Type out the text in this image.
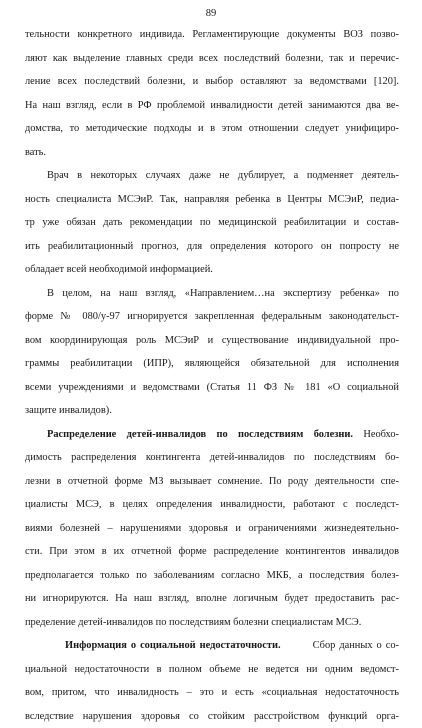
89
тельности конкретного индивида. Регламентирующие документы ВОЗ позво-
ляют как выделение главных среди всех последствий болезни, так и перечис-
ление всех последствий болезни, и выбор оставляют за ведомствами [120].
На наш взгляд, если в РФ проблемой инвалидности детей занимаются два ве-
домства, то методические подходы и в этом отношении следует унифициро-
вать.
Врач в некоторых случаях даже не дублирует, а подменяет деятель-
ность специалиста МСЭиР. Так, направляя ребенка в Центры МСЭиР, педиа-
тр уже обязан дать рекомендации по медицинской реабилитации и состав-
ить реабилитационный прогноз, для определения которого он попросту не
обладает всей необходимой информацией.
В целом, на наш взгляд, «Направлением…на экспертизу ребенка» по
форме № 080/у-97 игнорируется закрепленная федеральным законодательст-
вом координирующая роль МСЭиР и существование индивидуальной про-
граммы реабилитации (ИПР), являющейся обязательной для исполнения
всеми учреждениями и ведомствами (Статья 11 ФЗ № 181 «О социальной
защите инвалидов).
Распределение детей-инвалидов по последствиям болезни. Необхо-
димость распределения контингента детей-инвалидов по последствиям бо-
лезни в отчетной форме МЗ вызывает сомнение. По роду деятельности спе-
циалисты МСЭ, в целях определения инвалидности, работают с последст-
виями болезней – нарушениями здоровья и ограничениями жизнедеятельно-
сти. При этом в их отчетной форме распределение контингентов инвалидов
предполагается только по заболеваниям согласно МКБ, а последствия болез-
ни игнорируются. На наш взгляд, вполне логичным будет предоставить рас-
пределение детей-инвалидов по последствиям болезни специалистам МСЭ.
Информация о социальной недостаточности.        Сбор данных о со-
циальной недостаточности в полном объеме не ведется ни одним ведомст-
вом, притом, что инвалидность – это и есть «социальная недостаточность
вследствие нарушения здоровья со стойким расстройством функций орга-
